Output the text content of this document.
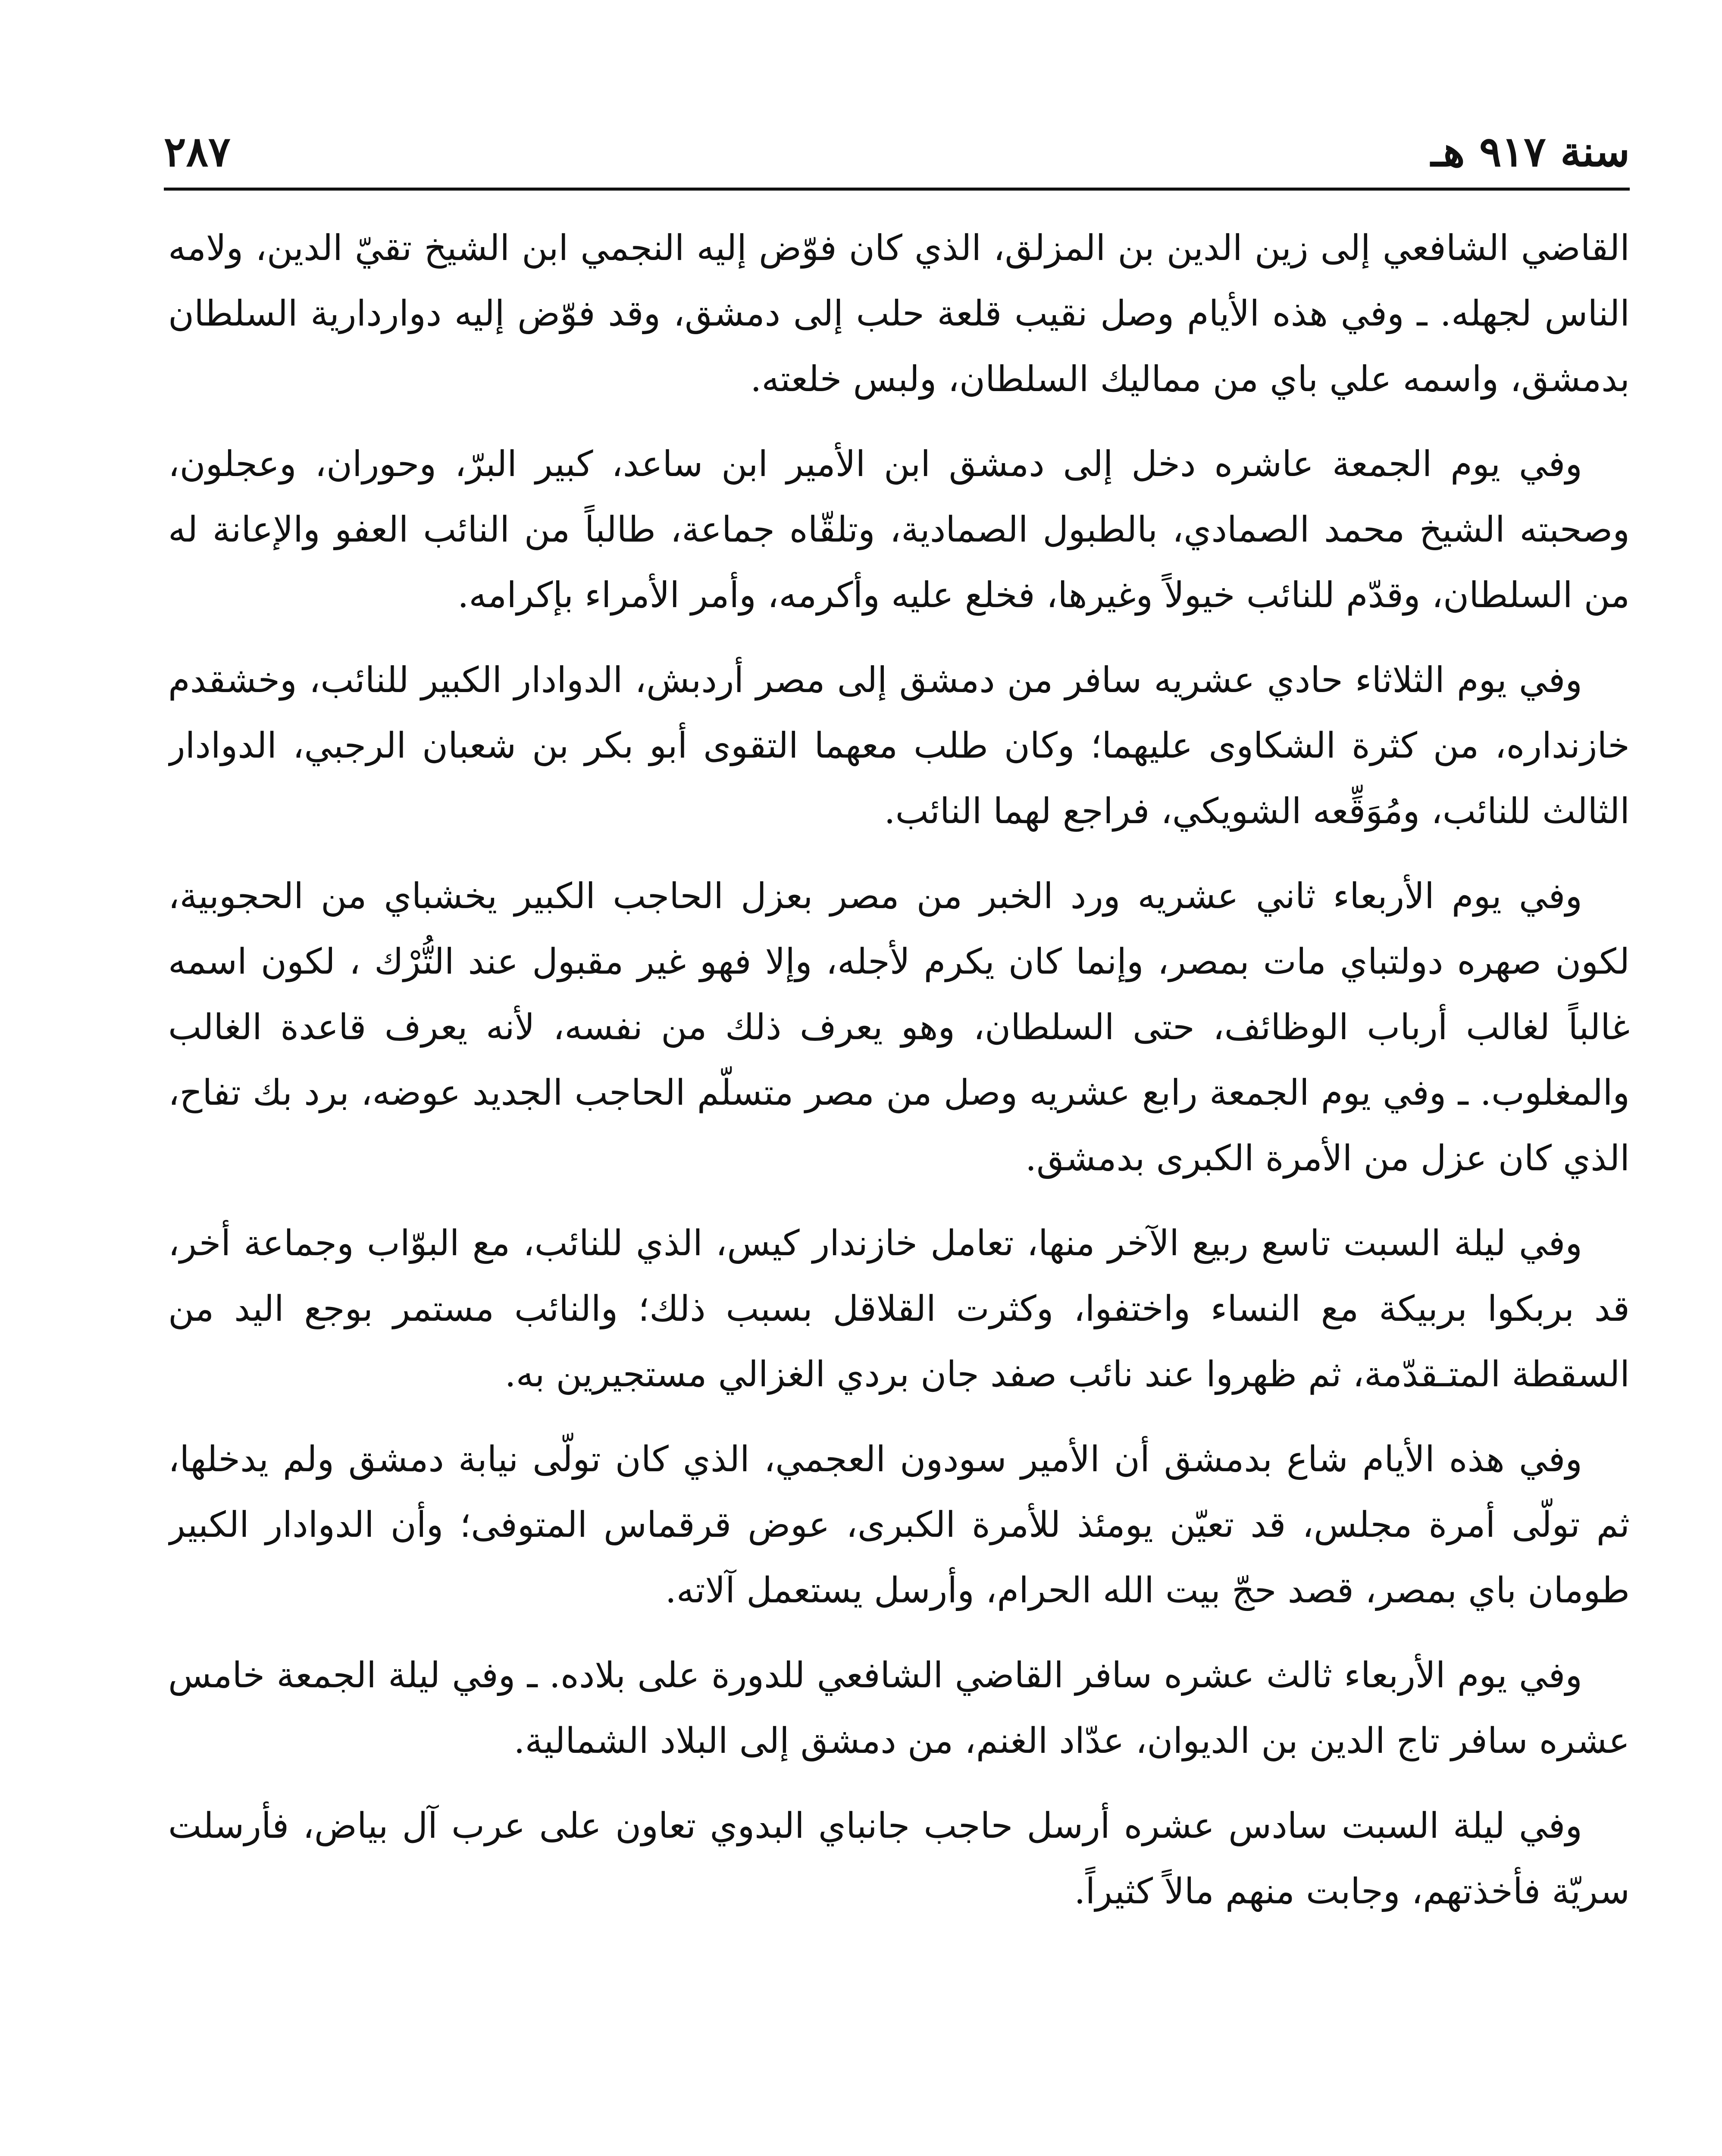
سنة ٩١٧ هـ
٢٨٧

القاضي الشافعي إلى زين الدين بن المزلق، الذي كان فوّض إليه النجمي ابن الشيخ تقيّ الدين، ولامه الناس لجهله. ـ وفي هذه الأيام وصل نقيب قلعة حلب إلى دمشق، وقد فوّض إليه دواردارية السلطان بدمشق، واسمه علي باي من مماليك السلطان، ولبس خلعته.

وفي يوم الجمعة عاشره دخل إلى دمشق ابن الأمير ابن ساعد، كبير البرّ، وحوران، وعجلون، وصحبته الشيخ محمد الصمادي، بالطبول الصمادية، وتلقّاه جماعة، طالباً من النائب العفو والإعانة له من السلطان، وقدّم للنائب خيولاً وغيرها، فخلع عليه وأكرمه، وأمر الأمراء بإكرامه.

وفي يوم الثلاثاء حادي عشريه سافر من دمشق إلى مصر أردبش، الدوادار الكبير للنائب، وخشقدم خازنداره، من كثرة الشكاوى عليهما؛ وكان طلب معهما التقوى أبو بكر بن شعبان الرجبي، الدوادار الثالث للنائب، ومُوَقِّعه الشويكي، فراجع لهما النائب.

وفي يوم الأربعاء ثاني عشريه ورد الخبر من مصر بعزل الحاجب الكبير يخشباي من الحجوبية، لكون صهره دولتباي مات بمصر، وإنما كان يكرم لأجله، وإلا فهو غير مقبول عند التُّرْك ، لكون اسمه غالباً لغالب أرباب الوظائف، حتى السلطان، وهو يعرف ذلك من نفسه، لأنه يعرف قاعدة الغالب والمغلوب. ـ وفي يوم الجمعة رابع عشريه وصل من مصر متسلّم الحاجب الجديد عوضه، برد بك تفاح، الذي كان عزل من الأمرة الكبرى بدمشق.

وفي ليلة السبت تاسع ربيع الآخر منها، تعامل خازندار كيس، الذي للنائب، مع البوّاب وجماعة أخر، قد بربكوا بربيكة مع النساء واختفوا، وكثرت القلاقل بسبب ذلك؛ والنائب مستمر بوجع اليد من السقطة المتـقدّمة، ثم ظهروا عند نائب صفد جان بردي الغزالي مستجيرين به.

وفي هذه الأيام شاع بدمشق أن الأمير سودون العجمي، الذي كان تولّى نيابة دمشق ولم يدخلها، ثم تولّى أمرة مجلس، قد تعيّن يومئذ للأمرة الكبرى، عوض قرقماس المتوفى؛ وأن الدوادار الكبير طومان باي بمصر، قصد حجّ بيت الله الحرام، وأرسل يستعمل آلاته.

وفي يوم الأربعاء ثالث عشره سافر القاضي الشافعي للدورة على بلاده. ـ وفي ليلة الجمعة خامس عشره سافر تاج الدين بن الديوان، عدّاد الغنم، من دمشق إلى البلاد الشمالية.

وفي ليلة السبت سادس عشره أرسل حاجب جانباي البدوي تعاون على عرب آل بياض، فأرسلت سريّة فأخذتهم، وجابت منهم مالاً كثيراً.
